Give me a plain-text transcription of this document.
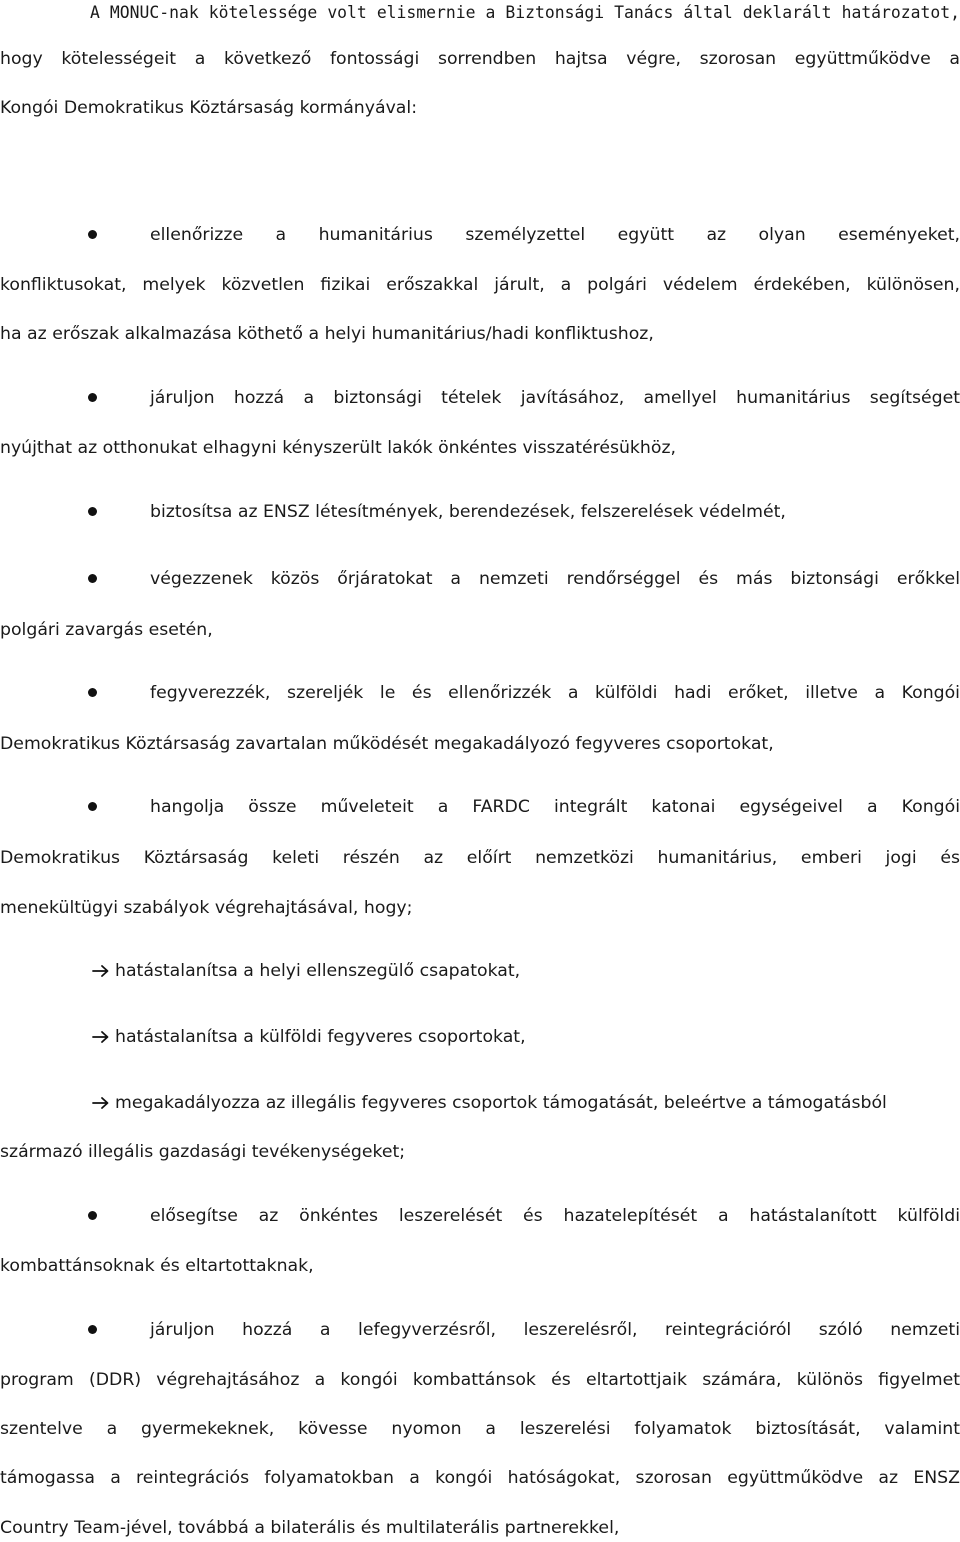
A MONUC-nak kötelessége volt elismernie a Biztonsági Tanács által deklarált határozatot,
hogy kötelességeit a következő fontossági sorrendben hajtsa végre, szorosan együttműködve a
Kongói Demokratikus Köztársaság kormányával:
ellenőrizze a humanitárius személyzettel együtt az olyan eseményeket,
konfliktusokat, melyek közvetlen fizikai erőszakkal járult, a polgári védelem érdekében, különösen,
ha az erőszak alkalmazása köthető a helyi humanitárius/hadi konfliktushoz,
járuljon hozzá a biztonsági tételek javításához, amellyel humanitárius segítséget
nyújthat az otthonukat elhagyni kényszerült lakók önkéntes visszatérésükhöz,
biztosítsa az ENSZ létesítmények, berendezések, felszerelések védelmét,
végezzenek közös őrjáratokat a nemzeti rendőrséggel és más biztonsági erőkkel
polgári zavargás esetén,
fegyverezzék, szereljék le és ellenőrizzék a külföldi hadi erőket, illetve a Kongói
Demokratikus Köztársaság zavartalan működését megakadályozó fegyveres csoportokat,
hangolja össze műveleteit a FARDC integrált katonai egységeivel a Kongói
Demokratikus Köztársaság keleti részén az előírt nemzetközi humanitárius, emberi jogi és
menekültügyi szabályok végrehajtásával, hogy;
hatástalanítsa a helyi ellenszegülő csapatokat,
hatástalanítsa a külföldi fegyveres csoportokat,
megakadályozza az illegális fegyveres csoportok támogatását, beleértve a támogatásból
származó illegális gazdasági tevékenységeket;
elősegítse az önkéntes leszerelését és hazatelepítését a hatástalanított külföldi
kombattánsoknak és eltartottaknak,
járuljon hozzá a lefegyverzésről, leszerelésről, reintegrációról szóló nemzeti
program (DDR) végrehajtásához a kongói kombattánsok és eltartottjaik számára, különös figyelmet
szentelve a gyermekeknek, kövesse nyomon a leszerelési folyamatok biztosítását, valamint
támogassa a reintegrációs folyamatokban a kongói hatóságokat, szorosan együttműködve az ENSZ
Country Team-jével, továbbá a bilaterális és multilaterális partnerekkel,
